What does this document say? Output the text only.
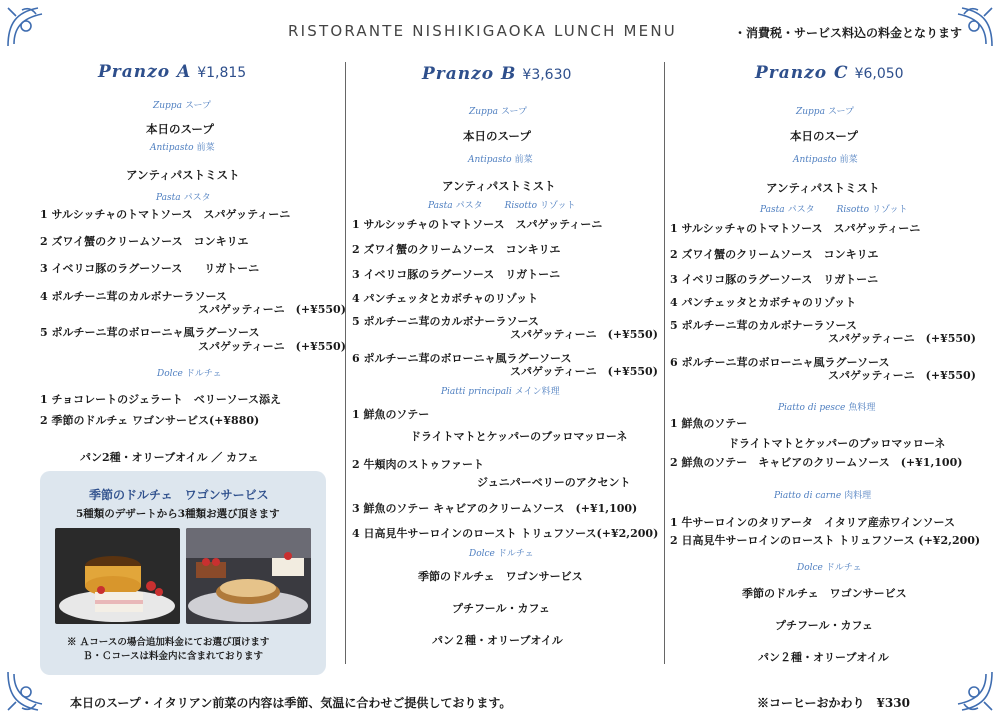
RISTORANTE NISHIKIGAOKA LUNCH MENU	・消費税・サービス料込の料金となります
Pranzo A ¥1,815
Zuppa スープ
本日のスープ
Antipasto 前菜
アンティパストミスト
Pasta パスタ
1 サルシッチャのトマトソース　スパゲッティーニ
2 ズワイ蟹のクリームソース　コンキリエ
3 イベリコ豚のラグーソース　　リガトーニ
4 ポルチーニ茸のカルボナーラソース
スパゲッティーニ　(+¥550)
5 ポルチーニ茸のボローニャ風ラグーソース
スパゲッティーニ　(+¥550)
Dolce ドルチェ
1 チョコレートのジェラート　ベリーソース添え
2 季節のドルチェ ワゴンサービス(+¥880)
パン2種・オリーブオイル ／ カフェ
季節のドルチェ　ワゴンサービス
5種類のデザートから3種類お選び頂きます
※ Ａコースの場合追加料金にてお選び頂けます
Ｂ・Ｃコースは料金内に含まれております
Pranzo B ¥3,630
Zuppa スープ
本日のスープ
Antipasto 前菜
アンティパストミスト
Pasta パスタ Risotto リゾット
1 サルシッチャのトマトソース　スパゲッティーニ
2 ズワイ蟹のクリームソース　コンキリエ
3 イベリコ豚のラグーソース　リガトーニ
4 パンチェッタとカボチャのリゾット
5 ポルチーニ茸のカルボナーラソース
スパゲッティーニ　(+¥550)
6 ポルチーニ茸のボローニャ風ラグーソース
スパゲッティーニ　(+¥550)
Piatti principali メイン料理
1 鮮魚のソテー
ドライトマトとケッパーのブッロマッローネ
2 牛頬肉のストゥファート
ジュニパーベリーのアクセント
3 鮮魚のソテー キャビアのクリームソース　(+¥1,100)
4 日高見牛サーロインのロースト トリュフソース(+¥2,200)
Dolce ドルチェ
季節のドルチェ　ワゴンサービス
プチフール・カフェ
パン２種・オリーブオイル
Pranzo C ¥6,050
Zuppa スープ
本日のスープ
Antipasto 前菜
アンティパストミスト
Pasta パスタ Risotto リゾット
1 サルシッチャのトマトソース　スパゲッティーニ
2 ズワイ蟹のクリームソース　コンキリエ
3 イベリコ豚のラグーソース　リガトーニ
4 パンチェッタとカボチャのリゾット
5 ポルチーニ茸のカルボナーラソース
スパゲッティーニ　(+¥550)
6 ポルチーニ茸のボローニャ風ラグーソース
スパゲッティーニ　(+¥550)
Piatto di pesce 魚料理
1 鮮魚のソテー
ドライトマトとケッパーのブッロマッローネ
2 鮮魚のソテー　キャビアのクリームソース　(+¥1,100)
Piatto di carne 肉料理
1 牛サーロインのタリアータ　イタリア産赤ワインソース
2 日高見牛サーロインのロースト トリュフソース (+¥2,200)
Dolce ドルチェ
季節のドルチェ　ワゴンサービス
プチフール・カフェ
パン２種・オリーブオイル
本日のスープ・イタリアン前菜の内容は季節、気温に合わせご提供しております。	※コーヒーおかわり　¥330
